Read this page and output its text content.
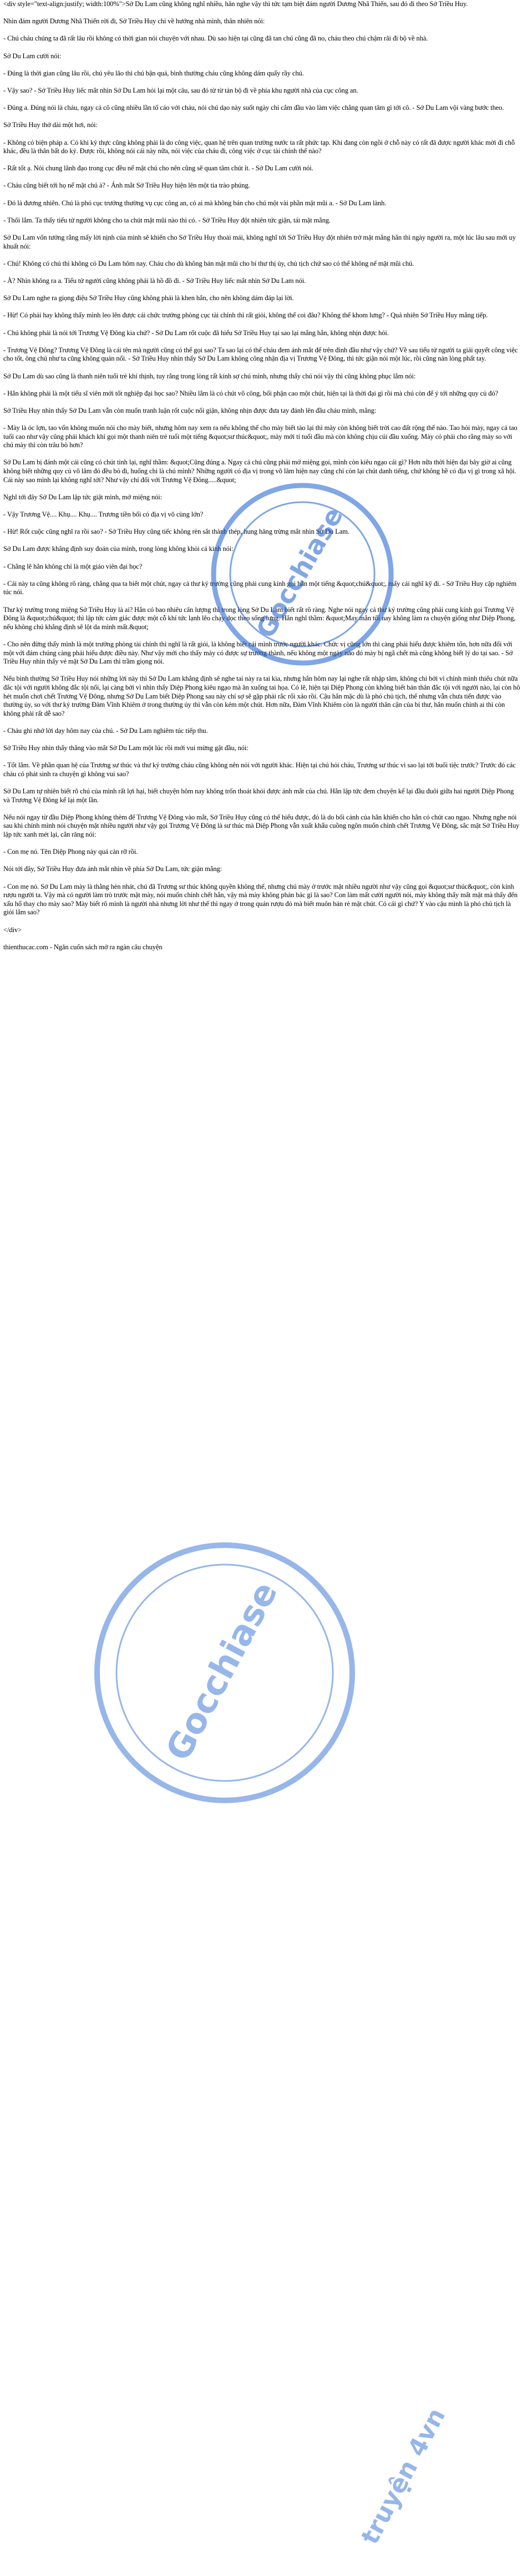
<div style="text-align:justify; width:100%">Sở Du Lam cũng không nghĩ nhiều, hăn nghe vậy thì tức tạm biệt đám người Dương Nhã Thiến, sau đó đi theo Sở Triều Huy.

Nhìn đám người Dương Nhã Thiến rời đi, Sở Triều Huy chỉ về hướng nhà mình, thân nhiên nói:

- Chú cháu chúng ta đã rất lâu rồi không có thời gian nói chuyện với nhau. Dù sao hiện tại cũng đã tan chú cũng đã no, cháu theo chú chậm rãi đi bộ về nhà.

Sở Du Lam cười nói:

- Đúng là thời gian cũng lâu rồi, chú yêu lão thì chú bận quá, bình thường cháu cũng không dám quấy rầy chú.

- Vậy sao? - Sở Triều Huy liếc mắt nhìn Sở Du Lam hỏi lại một câu, sau đó từ từ tản bộ đi về phía khu người nhà của cục công an.

- Đúng a. Đúng nói là cháu, ngay cả cô cũng nhiều lần tố cáo với cháu, nói chú dạo này suốt ngày chỉ cắm đầu vào làm việc chẳng quan tâm gì tới cô. - Sở Du Lam vội vàng bước theo.

Sở Triều Huy thở dài một hơi, nói:

- Không có biện pháp a. Có khi kỳ thực cũng không phải là do công việc, quan hệ trên quan trường nước ta rất phức tạp. Khi đang còn ngồi ở chỗ này có rất đã được người khác mời đi chỗ khác, đều là thân bất do kỷ. Được rồi, không nói cái này nữa, nói việc của cháu đi, công việc ở cục tài chính thế nào?

- Rất tốt ạ. Nói chung lãnh đạo trong cục đều nể mặt chú cho nên cũng sẽ quan tâm chút ít. - Sở Du Lam cười nói.

- Cháu cũng biết tới họ nể mặt chú à? - Ánh mắt Sở Triều Huy hiện lên một tia trào phúng.

- Đó là đương nhiên. Chú là phó cục trưởng thường vụ cục công an, có ai mà không bán cho chú một vài phần mặt mũi a. - Sở Du Lam lành.

- Thối lắm. Ta thấy tiểu tử người không cho ta chút mặt mũi nào thì có. - Sở Triều Huy đột nhiên tức giận, tái mặt mắng.

Sở Du Lam vốn tưởng rằng mấy lời nịnh của mình sẽ khiến cho Sở Triều Huy thoải mái, không nghĩ tới Sở Triều Huy đột nhiên trở mặt mắng hắn thì ngày người ra, một lúc lâu sau mới uy khuất nói:

- Chú! Không có chú thì không có Du Lam hôm nay. Cháu cho dù không bán mặt mũi cho bí thư thị ủy, chủ tịch chứ sao có thể không nể mặt mũi chú.

- À? Nhìn không ra a. Tiểu tử người cũng không phải là hồ đồ đi. - Sở Triều Huy liếc mắt nhìn Sở Du Lam nói.

Sở Du Lam nghe ra giọng điệu Sở Triều Huy cũng không phải là khen hắn, cho nên không dám đáp lại lời.

- Hừ! Có phải hay không thấy mình leo lên được cái chức trưởng phòng cục tài chính thì rất giỏi, không thể coi đâu? Không thể khom lưng? - Quả nhiên Sở Triều Huy mắng tiếp.

- Chú không phải là nói tới Trương Vệ Đông kia chứ? - Sở Du Lam rốt cuộc đã hiểu Sở Triều Huy tại sao lại mắng hắn, không nhịn được hỏi.

- Trương Vệ Đông? Trương Vệ Đông là cái tên mà người cũng có thể gọi sao? Ta sao lại có thể cháu đem ánh mắt để trên đỉnh đầu như vậy chứ? Về sau tiểu tử người ta giải quyết công việc cho tốt, ông chú như ta cũng không quản nổi. - Sở Triều Huy nhìn thấy Sở Du Lam không công nhận địa vị Trương Vệ Đông, thì tức giận nói một lúc, rồi cũng nản lòng phất tay.

Sở Du Lam dù sao cũng là thanh niên tuổi trẻ khí thịnh, tuy rằng trong lòng rất kính sợ chú mình, nhưng thấy chú nói vậy thì cũng không phục lắm nói:

- Hắn không phải là một tiểu sĩ viên mới tốt nghiệp đại học sao? Nhiều lắm là có chút võ công, bối phận cao một chút, hiện tại là thời đại gì rồi mà chú còn để ý tới những quy củ đó?

Sở Triều Huy nhìn thấy Sở Du Lam vẫn còn muốn tranh luận rốt cuộc nổi giận, không nhịn được đưa tay đánh lên đầu cháu mình, mắng:

- Mày là óc lợn, tao vốn không muốn nói cho mày biết, nhưng hôm nay xem ra nếu không thể cho mày biết tào lại thì mày còn không biết trời cao đất rộng thế nào. Tao hỏi mày, ngay cả tao tuổi cao như vậy cũng phải khách khí gọi một thanh niên trẻ tuổi một tiếng &quot;sư thúc&quot;, mày mới tí tuổi đầu mà còn không chịu cúi đầu xuống. Mày có phải cho rằng mày so với chú mày thì còn trâu bò hơn?

Sở Du Lam bị đánh một cái cũng có chút tỉnh lại, nghĩ thầm: &quot;Cũng đúng a. Ngay cả chú cũng phải mở miệng gọi, mình còn kiêu ngạo cái gì? Hơn nữa thời hiện đại bây giờ ai cũng không biết những quy củ võ lâm đó đều bỏ đi, huống chi là chú mình? Những người có địa vị trong võ lâm hiện nay cũng chỉ còn lại chút danh tiếng, chứ không hề có địa vị gì trong xã hội. Cái này sao mình lại không nghĩ tới? Như vậy chỉ đổi với Trương Vệ Đông.....&quot;

Nghĩ tới đây Sở Du Lam lập tức giật mình, mở miệng nói:

- Vậy Trương Vệ.... Khụ.... Khụ.... Trương tiền bối có địa vị võ cùng lớn?

- Hừ! Rốt cuộc cũng nghĩ ra rồi sao? - Sở Triều Huy cũng tiếc không rèn sắt thành thép, hung hăng trừng mắt nhìn Sở Du Lam.

Sở Du Lam được khẳng định suy đoán của mình, trong lòng không khỏi cả kinh nói:

- Chẳng lẽ hắn không chỉ là một giáo viên đại học?

- Cái này ta cũng không rõ ràng, chẳng qua ta biết một chút, ngay cả thư ký trường cũng phải cung kính gọi hắn một tiếng &quot;chú&quot;, mấy cái nghĩ kỹ đi. - Sở Triều Huy cặp nghiêm túc nói.

Thư ký trường trong miệng Sở Triều Huy là ai? Hắn có bao nhiêu cân lượng thì trong lòng Sở Du Lam biết rất rõ ràng. Nghe nói ngay cả thư ký trường cũng phải cung kính gọi Trương Vệ Đông là &quot;chú&quot; thì lập tức cảm giác được một cỗ khí tức lạnh lẽo chạy dọc theo sống lưng. Hắn nghĩ thầm: &quot;May mắn tối nay không làm ra chuyện giống như Diệp Phong, nếu không chú khẳng định sẽ lột da mình mất.&quot;

- Cho nên đừng thấy mình là một trưởng phòng tài chính thì nghĩ là rất giỏi, là không biết cái mình trước người khác. Chức vị cũng lớn thì càng phải hiểu được khiêm tốn, hơn nữa đối với một với đám chúng càng phải hiểu được điều này. Như vậy mới cho thấy mày có được sự trưởng thành, nếu không một ngày nào đó mày bị ngã chết mà cũng không biết lý do tại sao. - Sở Triều Huy nhìn thấy vẻ mặt Sở Du Lam thì trầm giọng nói.

Nếu bình thường Sở Triều Huy nói những lời này thì Sở Du Lam khẳng định sẽ nghe tai này ra tai kia, nhưng hắn hôm nay lại nghe rất nhập tâm, không chỉ bởi vì chính mình thiếu chút nữa đắc tội với người không đắc tội nổi, lại càng bởi vì nhìn thấy Diệp Phong kiêu ngạo mà ăn xuống tai họa. Có lẽ, hiện tại Diệp Phong còn không biết bản thân đắc tội với người nào, lại còn hô hét muốn chơi chết Trương Vệ Đông, nhưng Sở Du Lam biết Diệp Phong sau này chỉ sợ sẽ gặp phải rắc rối xảo rồi. Cậu hắn mặc dù là phó chủ tịch, thế nhưng vẫn chưa tiến được vào thường ủy, so với thư ký trường Đàm Vĩnh Khiêm ở trong thường ủy thì vẫn còn kém một chút. Hơn nữa, Đàm Vĩnh Khiêm còn là người thân cận của bí thư, hắn muốn chỉnh ai thì còn không phải rất dễ sao?

- Cháu ghi nhớ lời dạy hôm nay của chú. - Sở Du Lam nghiêm túc tiếp thu.

Sở Triều Huy nhìn thấy thắng vào mắt Sở Du Lam một lúc rồi mới vui mừng gật đầu, nói:

- Tốt lắm. Về phần quan hệ của Trương sư thúc và thư ký trường cháu cũng không nên nói với người khác. Hiện tại chú hỏi cháu, Trương sư thúc vì sao lại tới buổi tiệc trước? Trước đó các cháu có phát sinh ra chuyện gì không vui sao?

Sở Du Lam tự nhiên biết rõ chú của mình rất lợi hại, biết chuyện hôm nay không trốn thoát khỏi được ánh mắt của chú. Hắn lập tức đem chuyện kể lại đầu đuôi giữa hai người Diệp Phong và Trương Vệ Đông kể lại một lần.

Nếu nói ngay từ đầu Diệp Phong không thèm để Trương Vệ Đông vào mắt, Sở Triều Huy cũng có thể hiểu được, đó là do bối cảnh của hắn khiến cho hắn có chút cao ngạo. Nhưng nghe nói sau khi chính mình nói chuyện mặt nhiều người như vậy gọi Trương Vệ Đông là sư thúc mà Diệp Phong vẫn xuất khẩu cuồng ngôn muốn chỉnh chết Trương Vệ Đông, sắc mặt Sở Triều Huy lập tức xanh mét lại, cắn răng nói:

- Con mẹ nó. Tên Diệp Phong này quá càn rỡ rồi.

Nói tới đây, Sở Triều Huy đưa ánh mắt nhìn về phía Sở Du Lam, tức giận mắng:

- Con mẹ nó. Sở Du Lam mày là thằng hèn nhát, chú đã Trương sư thúc không quyền không thế, nhưng chú mày ở trước mặt nhiều người như vậy cũng gọi &quot;sư thúc&quot;, còn kính rượu người ta. Vậy mà có người làm trò trước mặt mày, nói muốn chỉnh chết hắn, vậy mà mày không phản bác gì là sao? Con làm mất cười người nói, mày không thấy mất mặt mà thấy đến xấu hổ thay cho mày sao? Mày biết rõ mình là người nhà nhưng lời như thế thì ngay ở trong quán rượu đó mà biết muôn bán rẻ mặt chút. Có cái gì chứ? Y vào cậu mình là phó chủ tịch là giỏi lắm sao?

</div>

thienthucac.com - Ngăn cuốn sách mở ra ngàn câu chuyện

Gocchiase
Gocchiase
truyện 4vn
